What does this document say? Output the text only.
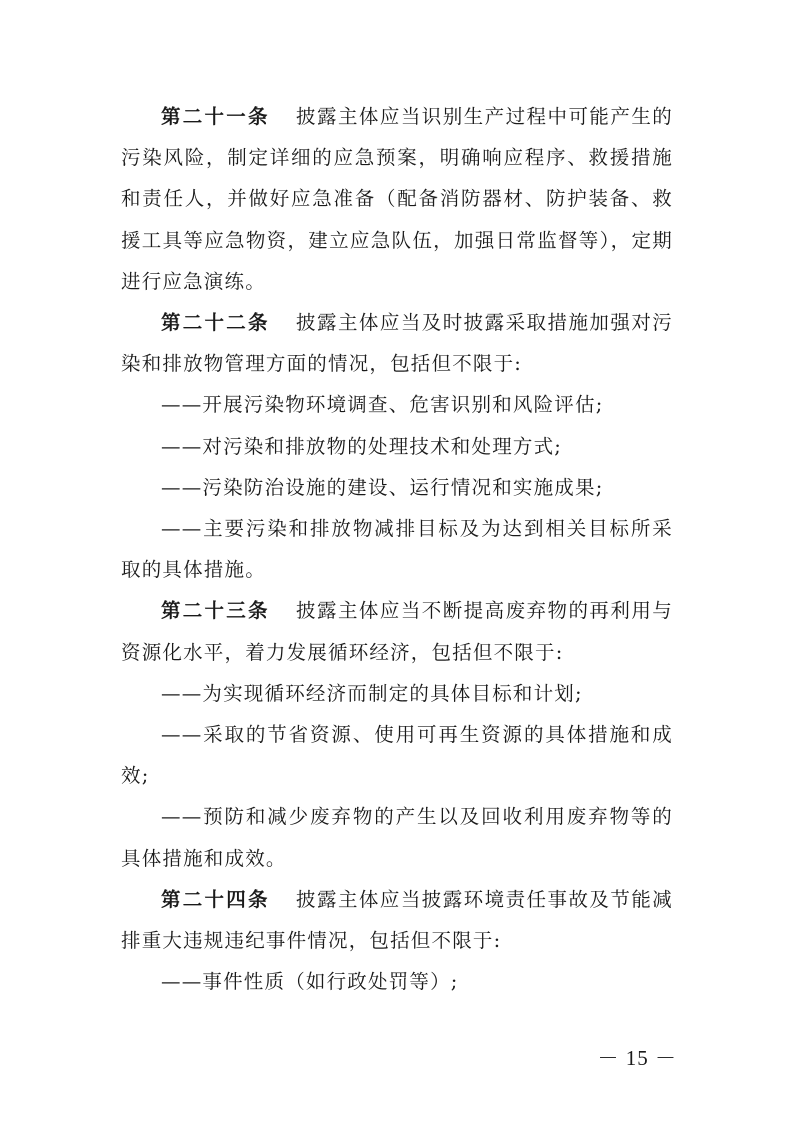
第二十一条 披露主体应当识别生产过程中可能产生的污染风险，制定详细的应急预案，明确响应程序、救援措施和责任人，并做好应急准备（配备消防器材、防护装备、救援工具等应急物资，建立应急队伍，加强日常监督等），定期进行应急演练。

第二十二条 披露主体应当及时披露采取措施加强对污染和排放物管理方面的情况，包括但不限于:

——开展污染物环境调查、危害识别和风险评估;

——对污染和排放物的处理技术和处理方式;

——污染防治设施的建设、运行情况和实施成果;

——主要污染和排放物减排目标及为达到相关目标所采取的具体措施。

第二十三条 披露主体应当不断提高废弃物的再利用与资源化水平，着力发展循环经济，包括但不限于:

——为实现循环经济而制定的具体目标和计划;

——采取的节省资源、使用可再生资源的具体措施和成效;

——预防和减少废弃物的产生以及回收利用废弃物等的具体措施和成效。

第二十四条 披露主体应当披露环境责任事故及节能减排重大违规违纪事件情况，包括但不限于:

——事件性质（如行政处罚等）;

－ 15 －
